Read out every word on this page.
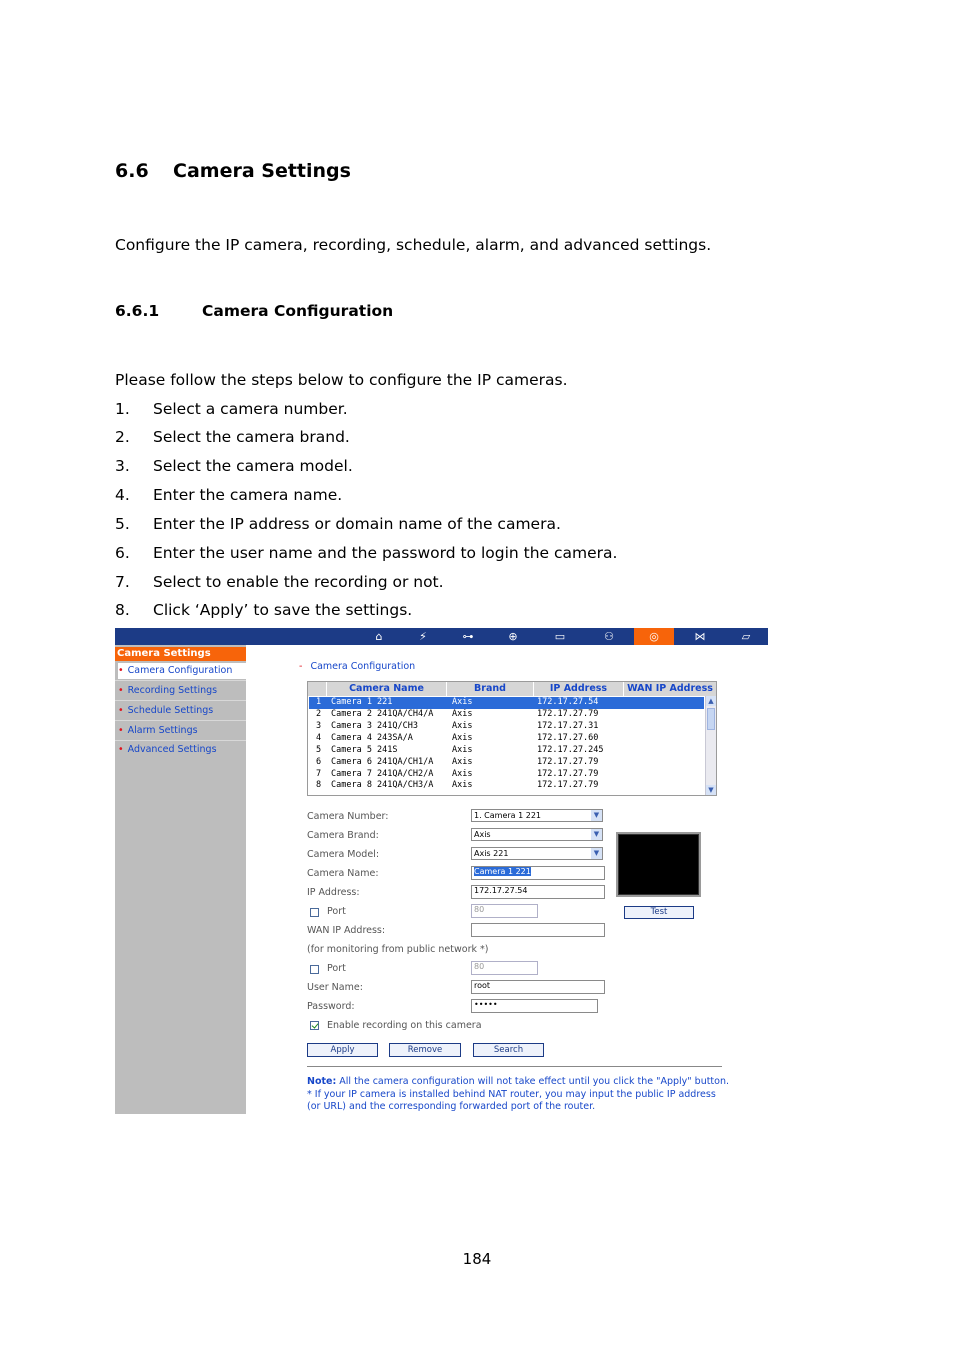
6.6 Camera Settings
Configure the IP camera, recording, schedule, alarm, and advanced settings.
6.6.1	Camera Configuration
Please follow the steps below to configure the IP cameras.
1. Select a camera number.
2. Select the camera brand.
3. Select the camera model.
4. Enter the camera name.
5. Enter the IP address or domain name of the camera.
6. Enter the user name and the password to login the camera.
7. Select to enable the recording or not.
8. Click ‘Apply’ to save the settings.
⌂	⚡	⊶	⊕	▭	⚇	◎	⋈	▱
Camera Settings
• Camera Configuration
• Recording Settings
• Schedule Settings
• Alarm Settings
• Advanced Settings
- Camera Configuration
Camera Name	Brand	IP Address	WAN IP Address
1 Camera 1 221	Axis	172.17.27.54
2 Camera 2 241QA/CH4/A Axis	172.17.27.79
3 Camera 3 241Q/CH3	Axis	172.17.27.31
4 Camera 4 243SA/A	Axis	172.17.27.60
5 Camera 5 241S	Axis	172.17.27.245
6 Camera 6 241QA/CH1/A Axis	172.17.27.79
7 Camera 7 241QA/CH2/A Axis	172.17.27.79
8 Camera 8 241QA/CH3/A Axis	172.17.27.79
▲
▼
Camera Number:	1. Camera 1 221	▼
Camera Brand:	Axis	▼
Camera Model:	Axis 221	▼
Camera Name:	Camera 1 221
IP Address:	172.17.27.54
Port	80	Test
WAN IP Address:
(for monitoring from public network *)
Port	80
User Name:	root
Password:	•••••
Enable recording on this camera
Apply	Remove	Search
Note: All the camera configuration will not take effect until you click the "Apply" button.
* If your IP camera is installed behind NAT router, you may input the public IP address
(or URL) and the corresponding forwarded port of the router.
184
